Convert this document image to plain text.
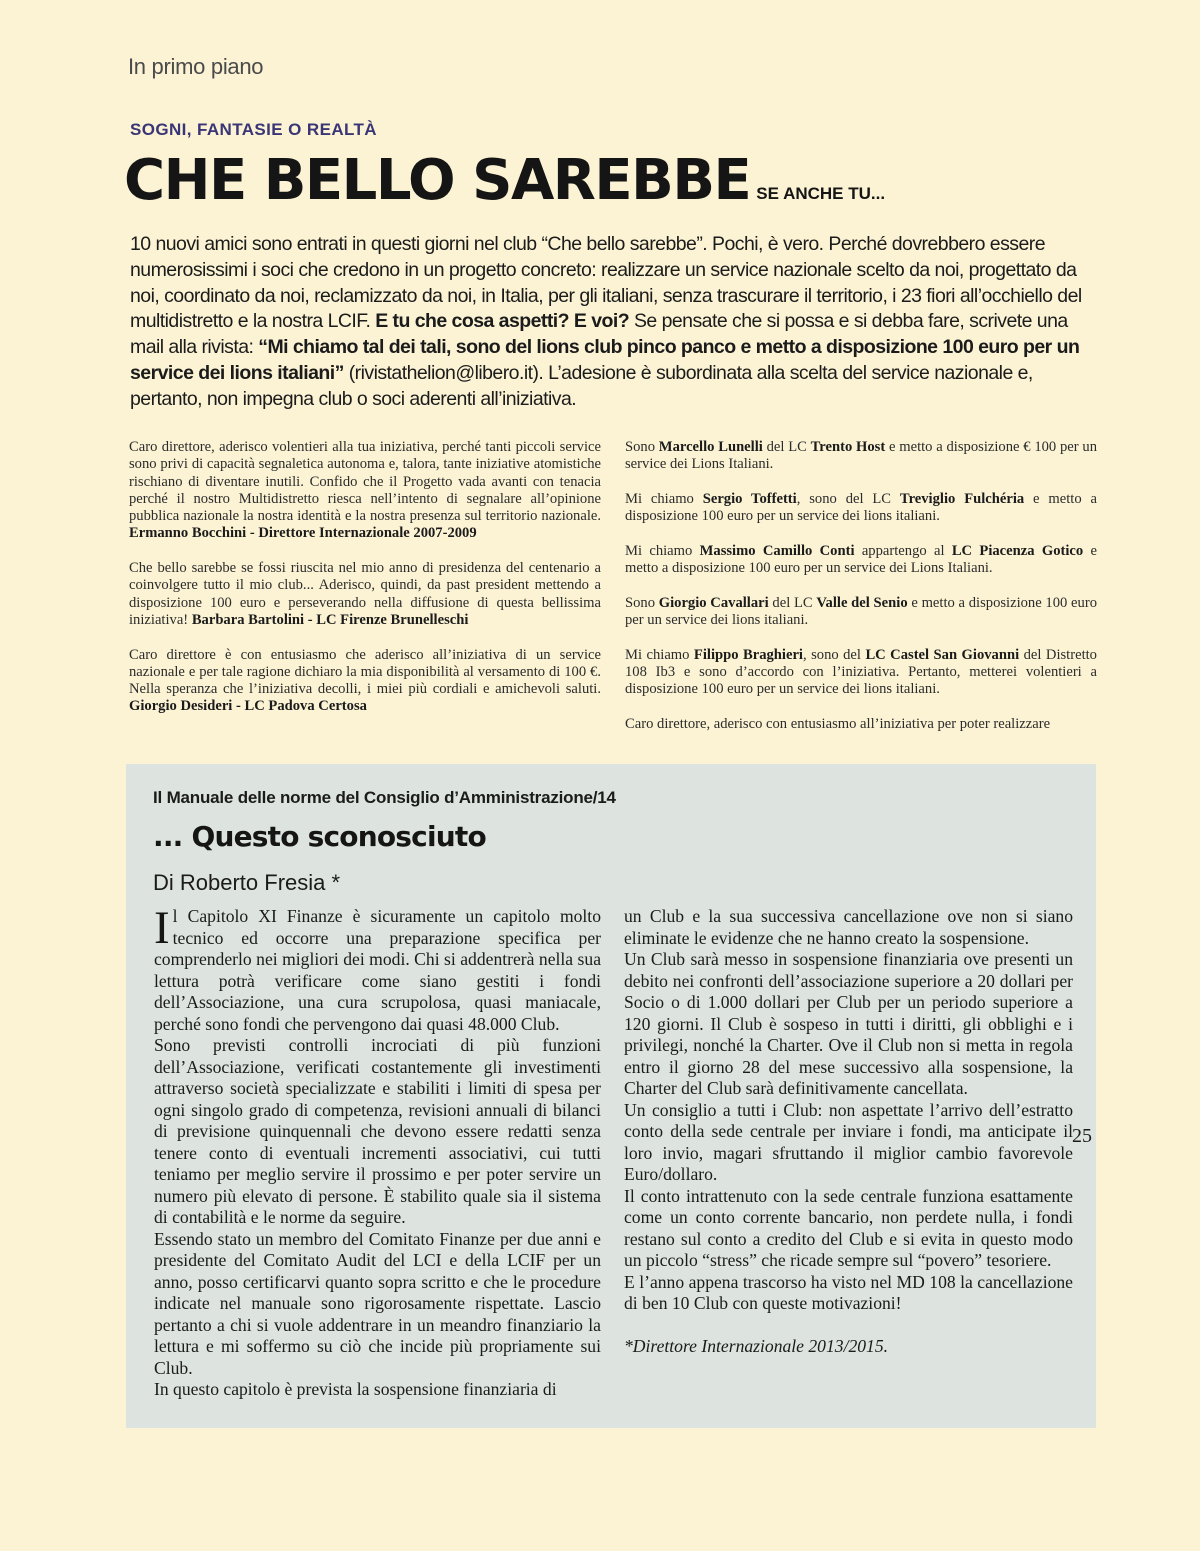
In primo piano
SOGNI, FANTASIE O REALTÀ
CHE BELLO SAREBBE SE ANCHE TU...
10 nuovi amici sono entrati in questi giorni nel club “Che bello sarebbe”. Pochi, è vero. Perché dovrebbero essere numerosissimi i soci che credono in un progetto concreto: realizzare un service nazionale scelto da noi, progettato da noi, coordinato da noi, reclamizzato da noi, in Italia, per gli italiani, senza trascurare il territorio, i 23 fiori all’occhiello del multidistretto e la nostra LCIF. E tu che cosa aspetti? E voi? Se pensate che si possa e si debba fare, scrivete una mail alla rivista: “Mi chiamo tal dei tali, sono del lions club pinco panco e metto a disposizione 100 euro per un service dei lions italiani” (rivistathelion@libero.it). L’adesione è subordinata alla scelta del service nazionale e, pertanto, non impegna club o soci aderenti all’iniziativa.

Caro direttore, aderisco volentieri alla tua iniziativa, perché tanti piccoli service sono privi di capacità segnaletica autonoma e, talora, tante iniziative atomistiche rischiano di diventare inutili. Confido che il Progetto vada avanti con tenacia perché il nostro Multidistretto riesca nell’intento di segnalare all’opinione pubblica nazionale la nostra identità e la nostra presenza sul territorio nazionale. Ermanno Bocchini - Direttore Internazionale 2007-2009

Che bello sarebbe se fossi riuscita nel mio anno di presidenza del centenario a coinvolgere tutto il mio club... Aderisco, quindi, da past president mettendo a disposizione 100 euro e perseverando nella diffusione di questa bellissima iniziativa! Barbara Bartolini - LC Firenze Brunelleschi

Caro direttore è con entusiasmo che aderisco all’iniziativa di un service nazionale e per tale ragione dichiaro la mia disponibilità al versamento di 100 €. Nella speranza che l’iniziativa decolli, i miei più cordiali e amichevoli saluti. Giorgio Desideri - LC Padova Certosa

Sono Marcello Lunelli del LC Trento Host e metto a disposizione € 100 per un service dei Lions Italiani.

Mi chiamo Sergio Toffetti, sono del LC Treviglio Fulchéria e metto a disposizione 100 euro per un service dei lions italiani.

Mi chiamo Massimo Camillo Conti appartengo al LC Piacenza Gotico e metto a disposizione 100 euro per un service dei Lions Italiani.

Sono Giorgio Cavallari del LC Valle del Senio e metto a disposizione 100 euro per un service dei lions italiani.

Mi chiamo Filippo Braghieri, sono del LC Castel San Giovanni del Distretto 108 Ib3 e sono d’accordo con l’iniziativa. Pertanto, metterei volentieri a disposizione 100 euro per un service dei lions italiani.

Caro direttore, aderisco con entusiasmo all’iniziativa per poter realizzare

Il Manuale delle norme del Consiglio d’Amministrazione/14
... Questo sconosciuto
Di Roberto Fresia *

Il Capitolo XI Finanze è sicuramente un capitolo molto tecnico ed occorre una preparazione specifica per comprenderlo nei migliori dei modi. Chi si addentrerà nella sua lettura potrà verificare come siano gestiti i fondi dell’Associazione, una cura scrupolosa, quasi maniacale, perché sono fondi che pervengono dai quasi 48.000 Club.

Sono previsti controlli incrociati di più funzioni dell’Associazione, verificati costantemente gli investimenti attraverso società specializzate e stabiliti i limiti di spesa per ogni singolo grado di competenza, revisioni annuali di bilanci di previsione quinquennali che devono essere redatti senza tenere conto di eventuali incrementi associativi, cui tutti teniamo per meglio servire il prossimo e per poter servire un numero più elevato di persone. È stabilito quale sia il sistema di contabilità e le norme da seguire.

Essendo stato un membro del Comitato Finanze per due anni e presidente del Comitato Audit del LCI e della LCIF per un anno, posso certificarvi quanto sopra scritto e che le procedure indicate nel manuale sono rigorosamente rispettate. Lascio pertanto a chi si vuole addentrare in un meandro finanziario la lettura e mi soffermo su ciò che incide più propriamente sui Club.

In questo capitolo è prevista la sospensione finanziaria di

un Club e la sua successiva cancellazione ove non si siano eliminate le evidenze che ne hanno creato la sospensione.

Un Club sarà messo in sospensione finanziaria ove presenti un debito nei confronti dell’associazione superiore a 20 dollari per Socio o di 1.000 dollari per Club per un periodo superiore a 120 giorni. Il Club è sospeso in tutti i diritti, gli obblighi e i privilegi, nonché la Charter. Ove il Club non si metta in regola entro il giorno 28 del mese successivo alla sospensione, la Charter del Club sarà definitivamente cancellata.

Un consiglio a tutti i Club: non aspettate l’arrivo dell’estratto conto della sede centrale per inviare i fondi, ma anticipate il loro invio, magari sfruttando il miglior cambio favorevole Euro/dollaro.

Il conto intrattenuto con la sede centrale funziona esattamente come un conto corrente bancario, non perdete nulla, i fondi restano sul conto a credito del Club e si evita in questo modo un piccolo “stress” che ricade sempre sul “povero” tesoriere.

E l’anno appena trascorso ha visto nel MD 108 la cancellazione di ben 10 Club con queste motivazioni!

*Direttore Internazionale 2013/2015.

25
